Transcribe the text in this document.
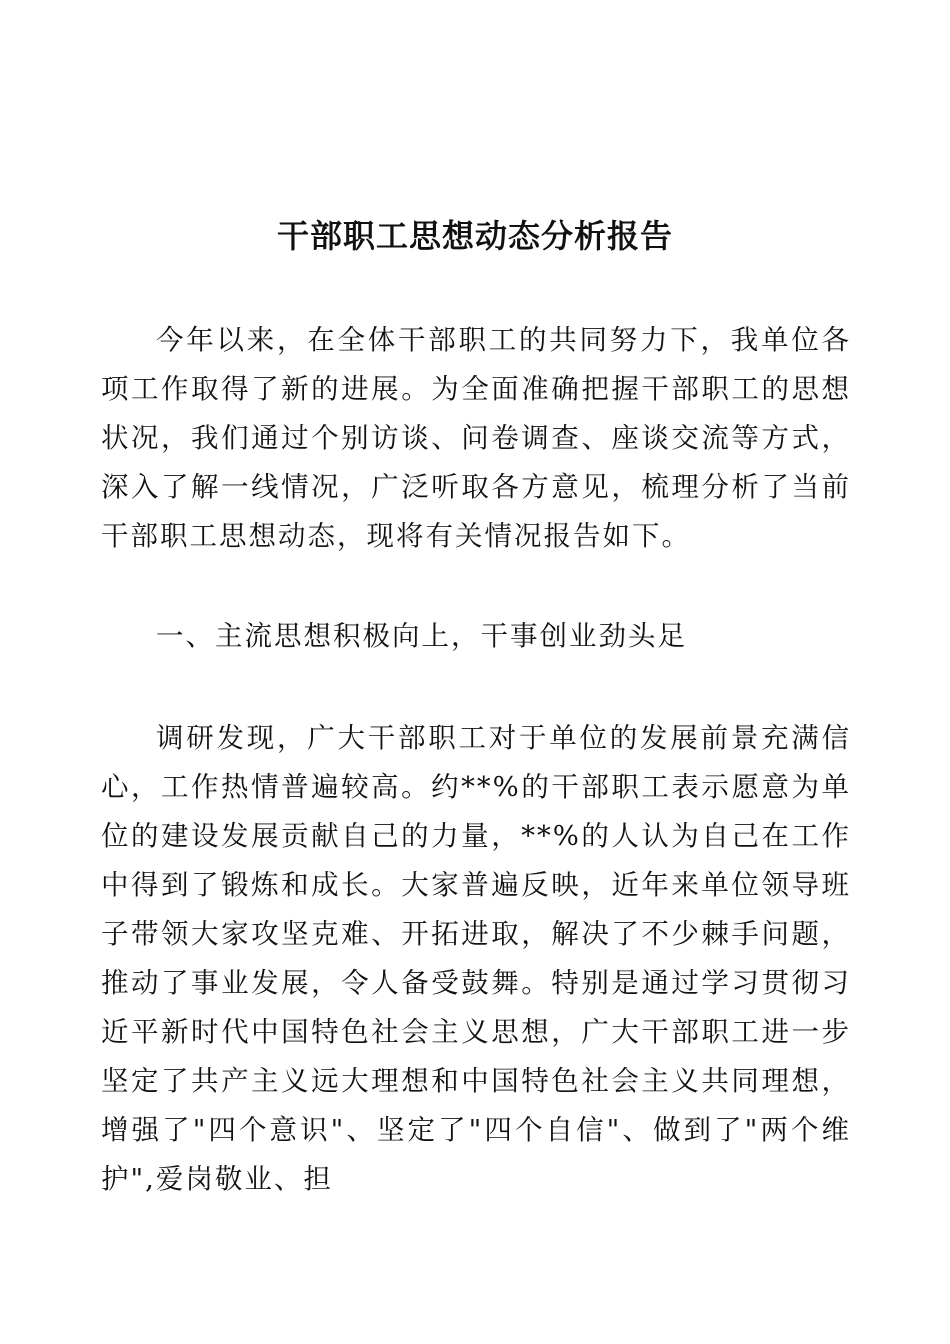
干部职工思想动态分析报告

今年以来，在全体干部职工的共同努力下，我单位各项工作取得了新的进展。为全面准确把握干部职工的思想状况，我们通过个别访谈、问卷调查、座谈交流等方式，深入了解一线情况，广泛听取各方意见，梳理分析了当前干部职工思想动态，现将有关情况报告如下。

一、主流思想积极向上，干事创业劲头足

调研发现，广大干部职工对于单位的发展前景充满信心，工作热情普遍较高。约**%的干部职工表示愿意为单位的建设发展贡献自己的力量，**%的人认为自己在工作中得到了锻炼和成长。大家普遍反映，近年来单位领导班子带领大家攻坚克难、开拓进取，解决了不少棘手问题，推动了事业发展，令人备受鼓舞。特别是通过学习贯彻习近平新时代中国特色社会主义思想，广大干部职工进一步坚定了共产主义远大理想和中国特色社会主义共同理想，增强了"四个意识"、坚定了"四个自信"、做到了"两个维护",爱岗敬业、担
